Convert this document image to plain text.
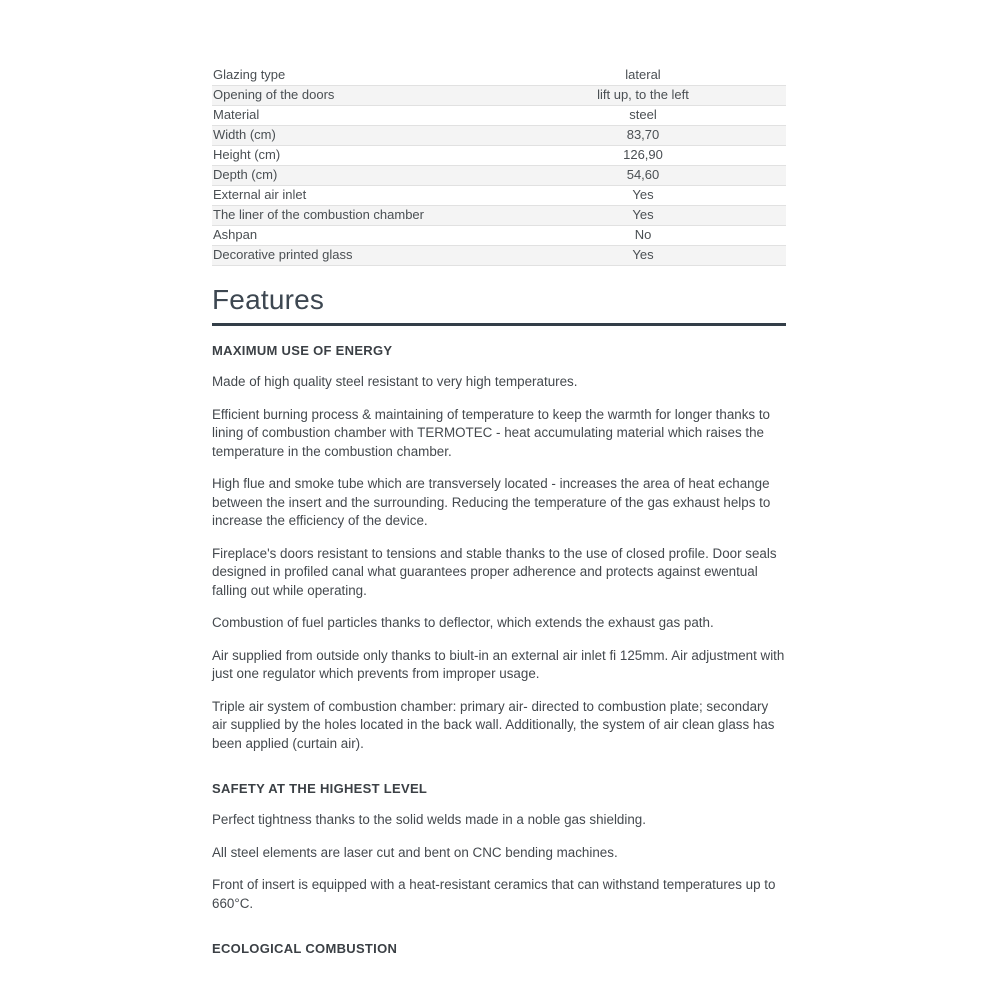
Glazing type	lateral
Opening of the doors	lift up, to the left
Material	steel
Width (cm)	83,70
Height (cm)	126,90
Depth (cm)	54,60
External air inlet	Yes
The liner of the combustion chamber	Yes
Ashpan	No
Decorative printed glass	Yes
Features
MAXIMUM USE OF ENERGY

Made of high quality steel resistant to very high temperatures.

Efficient burning process & maintaining of temperature to keep the warmth for longer thanks to lining of combustion chamber with TERMOTEC - heat accumulating material which raises the temperature in the combustion chamber.

High flue and smoke tube which are transversely located - increases the area of heat echange between the insert and the surrounding. Reducing the temperature of the gas exhaust helps to increase the efficiency of the device.

Fireplace's doors resistant to tensions and stable thanks to the use of closed profile. Door seals designed in profiled canal what guarantees proper adherence and protects against ewentual falling out while operating.

Combustion of fuel particles thanks to deflector, which extends the exhaust gas path.

Air supplied from outside only thanks to biult-in an external air inlet fi 125mm. Air adjustment with just one regulator which prevents from improper usage.

Triple air system of combustion chamber: primary air- directed to combustion plate; secondary air supplied by the holes located in the back wall. Additionally, the system of air clean glass has been applied (curtain air).

SAFETY AT THE HIGHEST LEVEL

Perfect tightness thanks to the solid welds made in a noble gas shielding.

All steel elements are laser cut and bent on CNC bending machines.

Front of insert is equipped with a heat-resistant ceramics that can withstand temperatures up to 660°C.

ECOLOGICAL COMBUSTION
